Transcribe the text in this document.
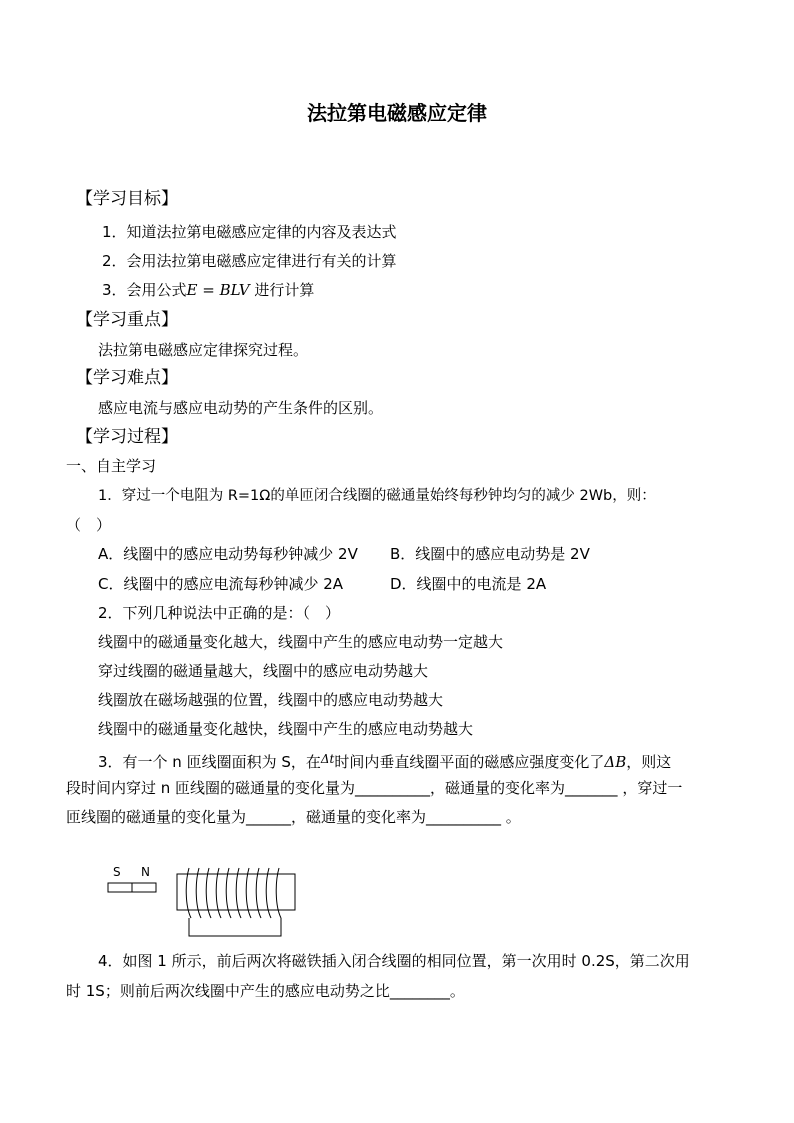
法拉第电磁感应定律
【学习目标】
1．知道法拉第电磁感应定律的内容及表达式
2．会用法拉第电磁感应定律进行有关的计算
3．会用公式E = BLV 进行计算
【学习重点】
法拉第电磁感应定律探究过程。
【学习难点】
感应电流与感应电动势的产生条件的区别。
【学习过程】
一、自主学习
1．穿过一个电阻为 R=1Ω的单匝闭合线圈的磁通量始终每秒钟均匀的减少 2Wb，则：
（　）
A．线圈中的感应电动势每秒钟减少 2V B．线圈中的感应电动势是 2V
C．线圈中的感应电流每秒钟减少 2A	D．线圈中的电流是 2A
2．下列几种说法中正确的是：（　）
线圈中的磁通量变化越大，线圈中产生的感应电动势一定越大
穿过线圈的磁通量越大，线圈中的感应电动势越大
线圈放在磁场越强的位置，线圈中的感应电动势越大
线圈中的磁通量变化越快，线圈中产生的感应电动势越大
3．有一个 n 匝线圈面积为 S，在$^{\Delta t}$时间内垂直线圈平面的磁感应强度变化了ΔB，则这
段时间内穿过 n 匝线圈的磁通量的变化量为__________，磁通量的变化率为_______ ，穿过一
匝线圈的磁通量的变化量为______，磁通量的变化率为__________ 。
S N
4．如图 1 所示，前后两次将磁铁插入闭合线圈的相同位置，第一次用时 0.2S，第二次用
时 1S；则前后两次线圈中产生的感应电动势之比________。
